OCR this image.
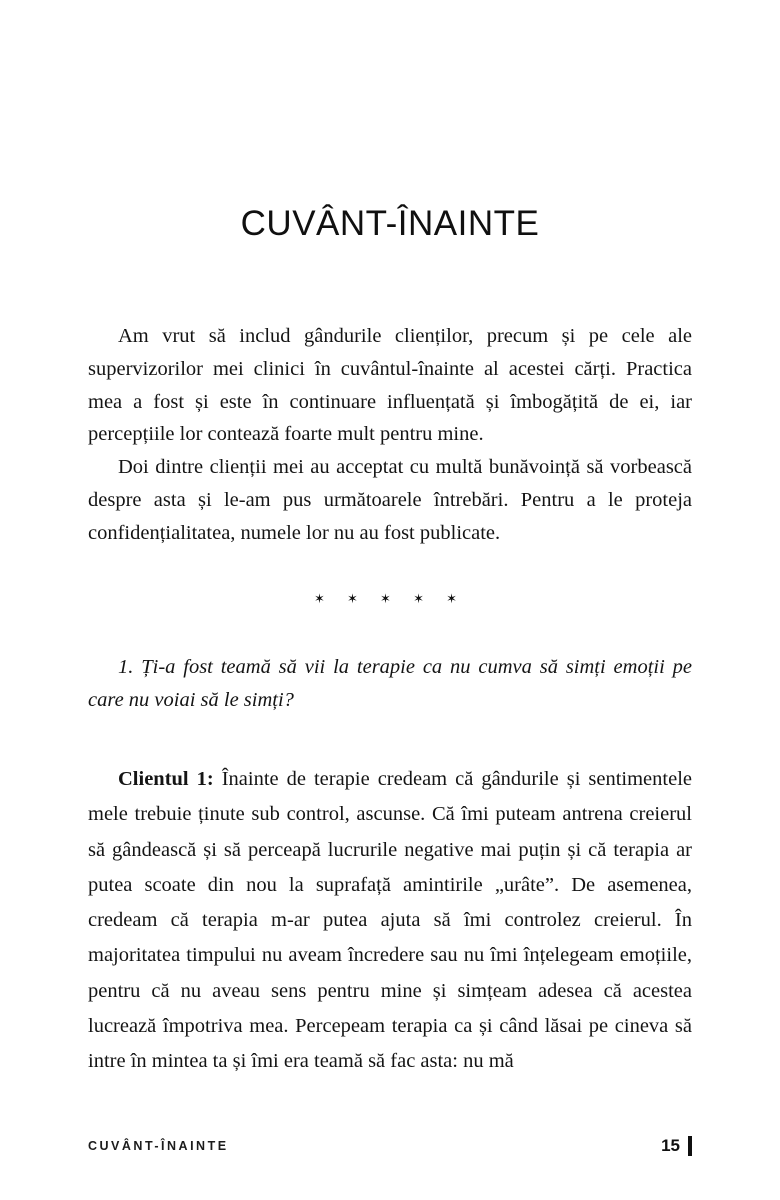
CUVÂNT-ÎNAINTE

Am vrut să includ gândurile clienților, precum și pe cele ale supervizorilor mei clinici în cuvântul-înainte al acestei cărți. Practica mea a fost și este în continuare influențată și îmbogățită de ei, iar percepțiile lor contează foarte mult pentru mine.

Doi dintre clienții mei au acceptat cu multă bunăvoință să vorbească despre asta și le-am pus următoarele întrebări. Pentru a le proteja confidențialitatea, numele lor nu au fost publicate.

✶ ✶ ✶ ✶ ✶

1. Ți-a fost teamă să vii la terapie ca nu cumva să simți emoții pe care nu voiai să le simți?

Clientul 1: Înainte de terapie credeam că gândurile și sentimentele mele trebuie ținute sub control, ascunse. Că îmi puteam antrena creierul să gândească și să perceapă lucrurile negative mai puțin și că terapia ar putea scoate din nou la suprafață amintirile „urâte”. De asemenea, credeam că terapia m-ar putea ajuta să îmi controlez creierul. În majoritatea timpului nu aveam încredere sau nu îmi înțelegeam emoțiile, pentru că nu aveau sens pentru mine și simțeam adesea că acestea lucrează împotriva mea. Percepeam terapia ca și când lăsai pe cineva să intre în mintea ta și îmi era teamă să fac asta: nu mă

CUVÂNT-ÎNAINTE	15
